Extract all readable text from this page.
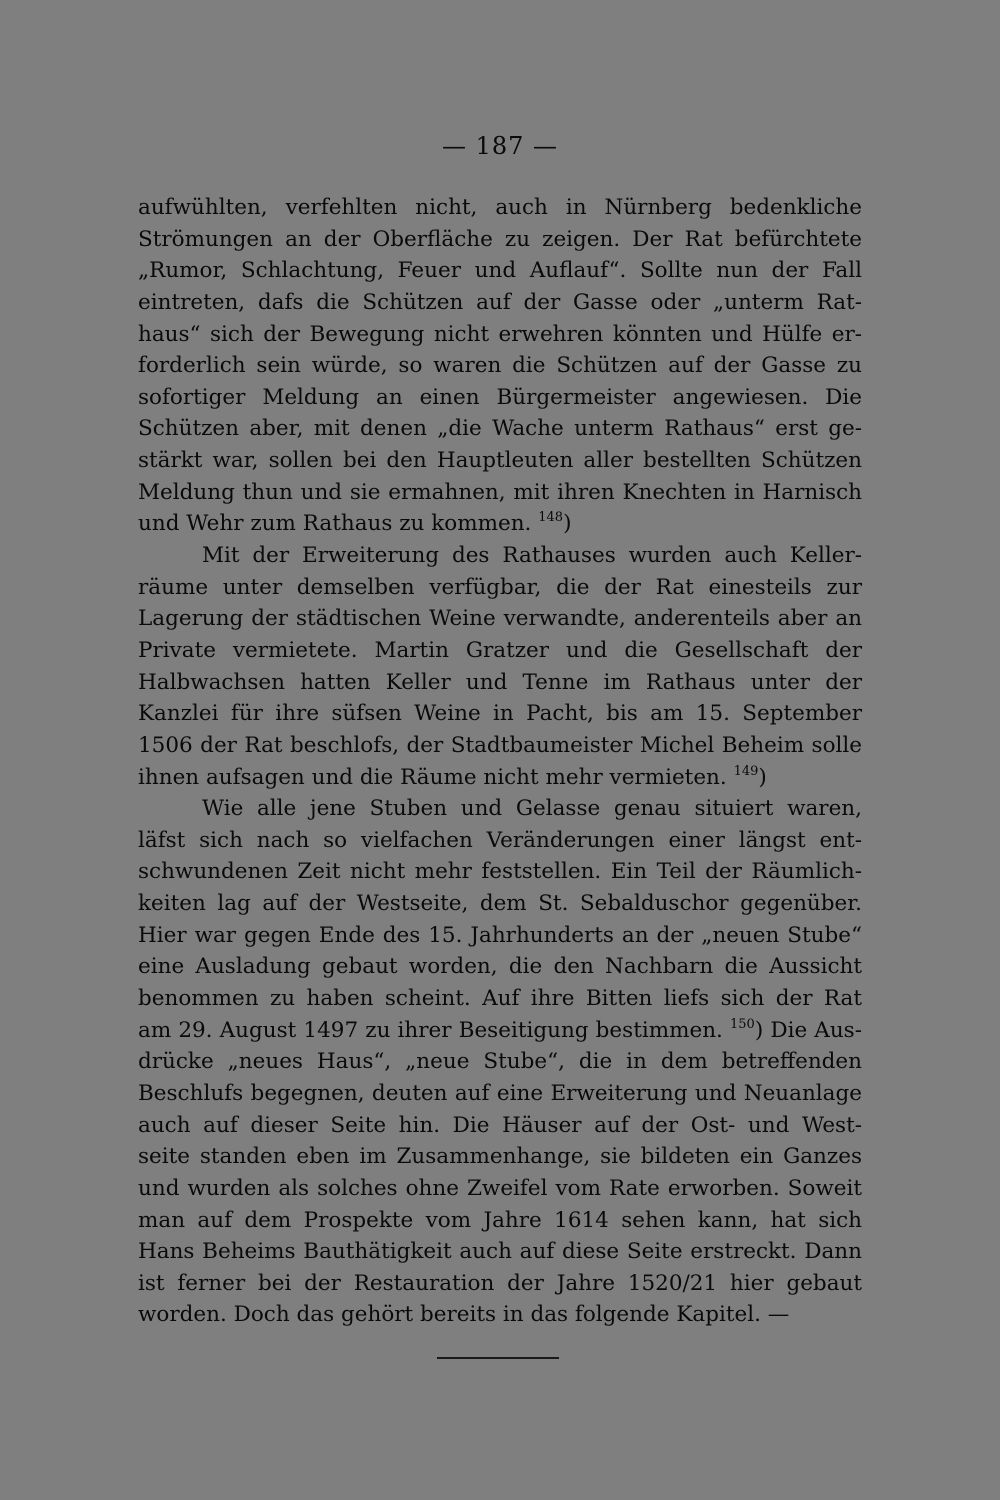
— 187 —
aufwühlten, verfehlten nicht, auch in Nürnberg bedenkliche
Strömungen an der Oberfläche zu zeigen. Der Rat befürchtete
„Rumor, Schlachtung, Feuer und Auflauf“. Sollte nun der Fall
eintreten, dafs die Schützen auf der Gasse oder „unterm Rat-
haus“ sich der Bewegung nicht erwehren könnten und Hülfe er-
forderlich sein würde, so waren die Schützen auf der Gasse zu
sofortiger Meldung an einen Bürgermeister angewiesen. Die
Schützen aber, mit denen „die Wache unterm Rathaus“ erst ge-
stärkt war, sollen bei den Hauptleuten aller bestellten Schützen
Meldung thun und sie ermahnen, mit ihren Knechten in Harnisch
und Wehr zum Rathaus zu kommen. $^{148}$)
Mit der Erweiterung des Rathauses wurden auch Keller-
räume unter demselben verfügbar, die der Rat einesteils zur
Lagerung der städtischen Weine verwandte, anderenteils aber an
Private vermietete. Martin Gratzer und die Gesellschaft der
Halbwachsen hatten Keller und Tenne im Rathaus unter der
Kanzlei für ihre süfsen Weine in Pacht, bis am 15. September
1506 der Rat beschlofs, der Stadtbaumeister Michel Beheim solle
ihnen aufsagen und die Räume nicht mehr vermieten. $^{149}$)
Wie alle jene Stuben und Gelasse genau situiert waren,
läfst sich nach so vielfachen Veränderungen einer längst ent-
schwundenen Zeit nicht mehr feststellen. Ein Teil der Räumlich-
keiten lag auf der Westseite, dem St. Sebalduschor gegenüber.
Hier war gegen Ende des 15. Jahrhunderts an der „neuen Stube“
eine Ausladung gebaut worden, die den Nachbarn die Aussicht
benommen zu haben scheint. Auf ihre Bitten liefs sich der Rat
am 29. August 1497 zu ihrer Beseitigung bestimmen. $^{150}$) Die Aus-
drücke „neues Haus“, „neue Stube“, die in dem betreffenden
Beschlufs begegnen, deuten auf eine Erweiterung und Neuanlage
auch auf dieser Seite hin. Die Häuser auf der Ost- und West-
seite standen eben im Zusammenhange, sie bildeten ein Ganzes
und wurden als solches ohne Zweifel vom Rate erworben. Soweit
man auf dem Prospekte vom Jahre 1614 sehen kann, hat sich
Hans Beheims Bauthätigkeit auch auf diese Seite erstreckt. Dann
ist ferner bei der Restauration der Jahre 1520/21 hier gebaut
worden. Doch das gehört bereits in das folgende Kapitel. —
